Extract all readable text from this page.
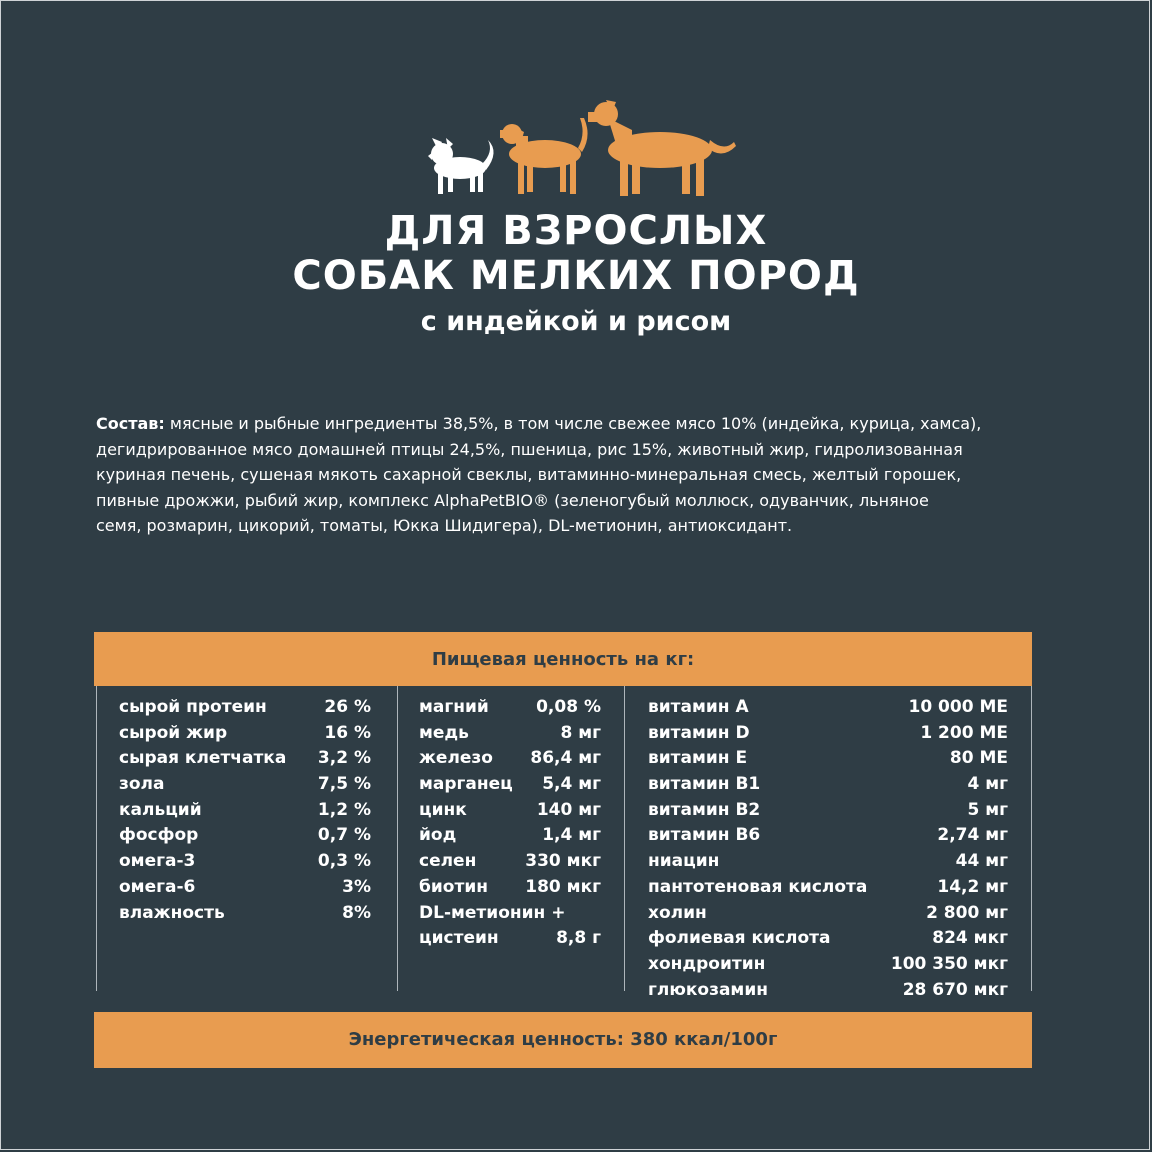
ДЛЯ ВЗРОСЛЫХ
СОБАК МЕЛКИХ ПОРОД
с индейкой и рисом
Состав: мясные и рыбные ингредиенты 38,5%, в том числе свежее мясо 10% (индейка, курица, хамса),
дегидрированное мясо домашней птицы 24,5%, пшеница, рис 15%, животный жир, гидролизованная
куриная печень, сушеная мякоть сахарной свеклы, витаминно-минеральная смесь, желтый горошек,
пивные дрожжи, рыбий жир, комплекс AlphaPetBIO® (зеленогубый моллюск, одуванчик, льняное
семя, розмарин, цикорий, томаты, Юкка Шидигера), DL-метионин, антиоксидант.
Пищевая ценность на кг:
сырой протеин	26 %
сырой жир	16 %
сырая клетчатка 3,2 %
зола	7,5 %
кальций	1,2 %
фосфор	0,7 %
омега-3	0,3 %
омега-6	3%
влажность	8%
магний	0,08 %
медь	8 мг
железо 86,4 мг
марганец 5,4 мг
цинк	140 мг
йод	1,4 мг
селен	330 мкг
биотин 180 мкг
DL-метионин +
цистеин	8,8 г
витамин A	10 000 МЕ
витамин D	1 200 МЕ
витамин E	80 МЕ
витамин B1	4 мг
витамин B2	5 мг
витамин B6	2,74 мг
ниацин	44 мг
пантотеновая кислота	14,2 мг
холин	2 800 мг
фолиевая кислота	824 мкг
хондроитин	100 350 мкг
глюкозамин	28 670 мкг
Энергетическая ценность: 380 ккал/100г
